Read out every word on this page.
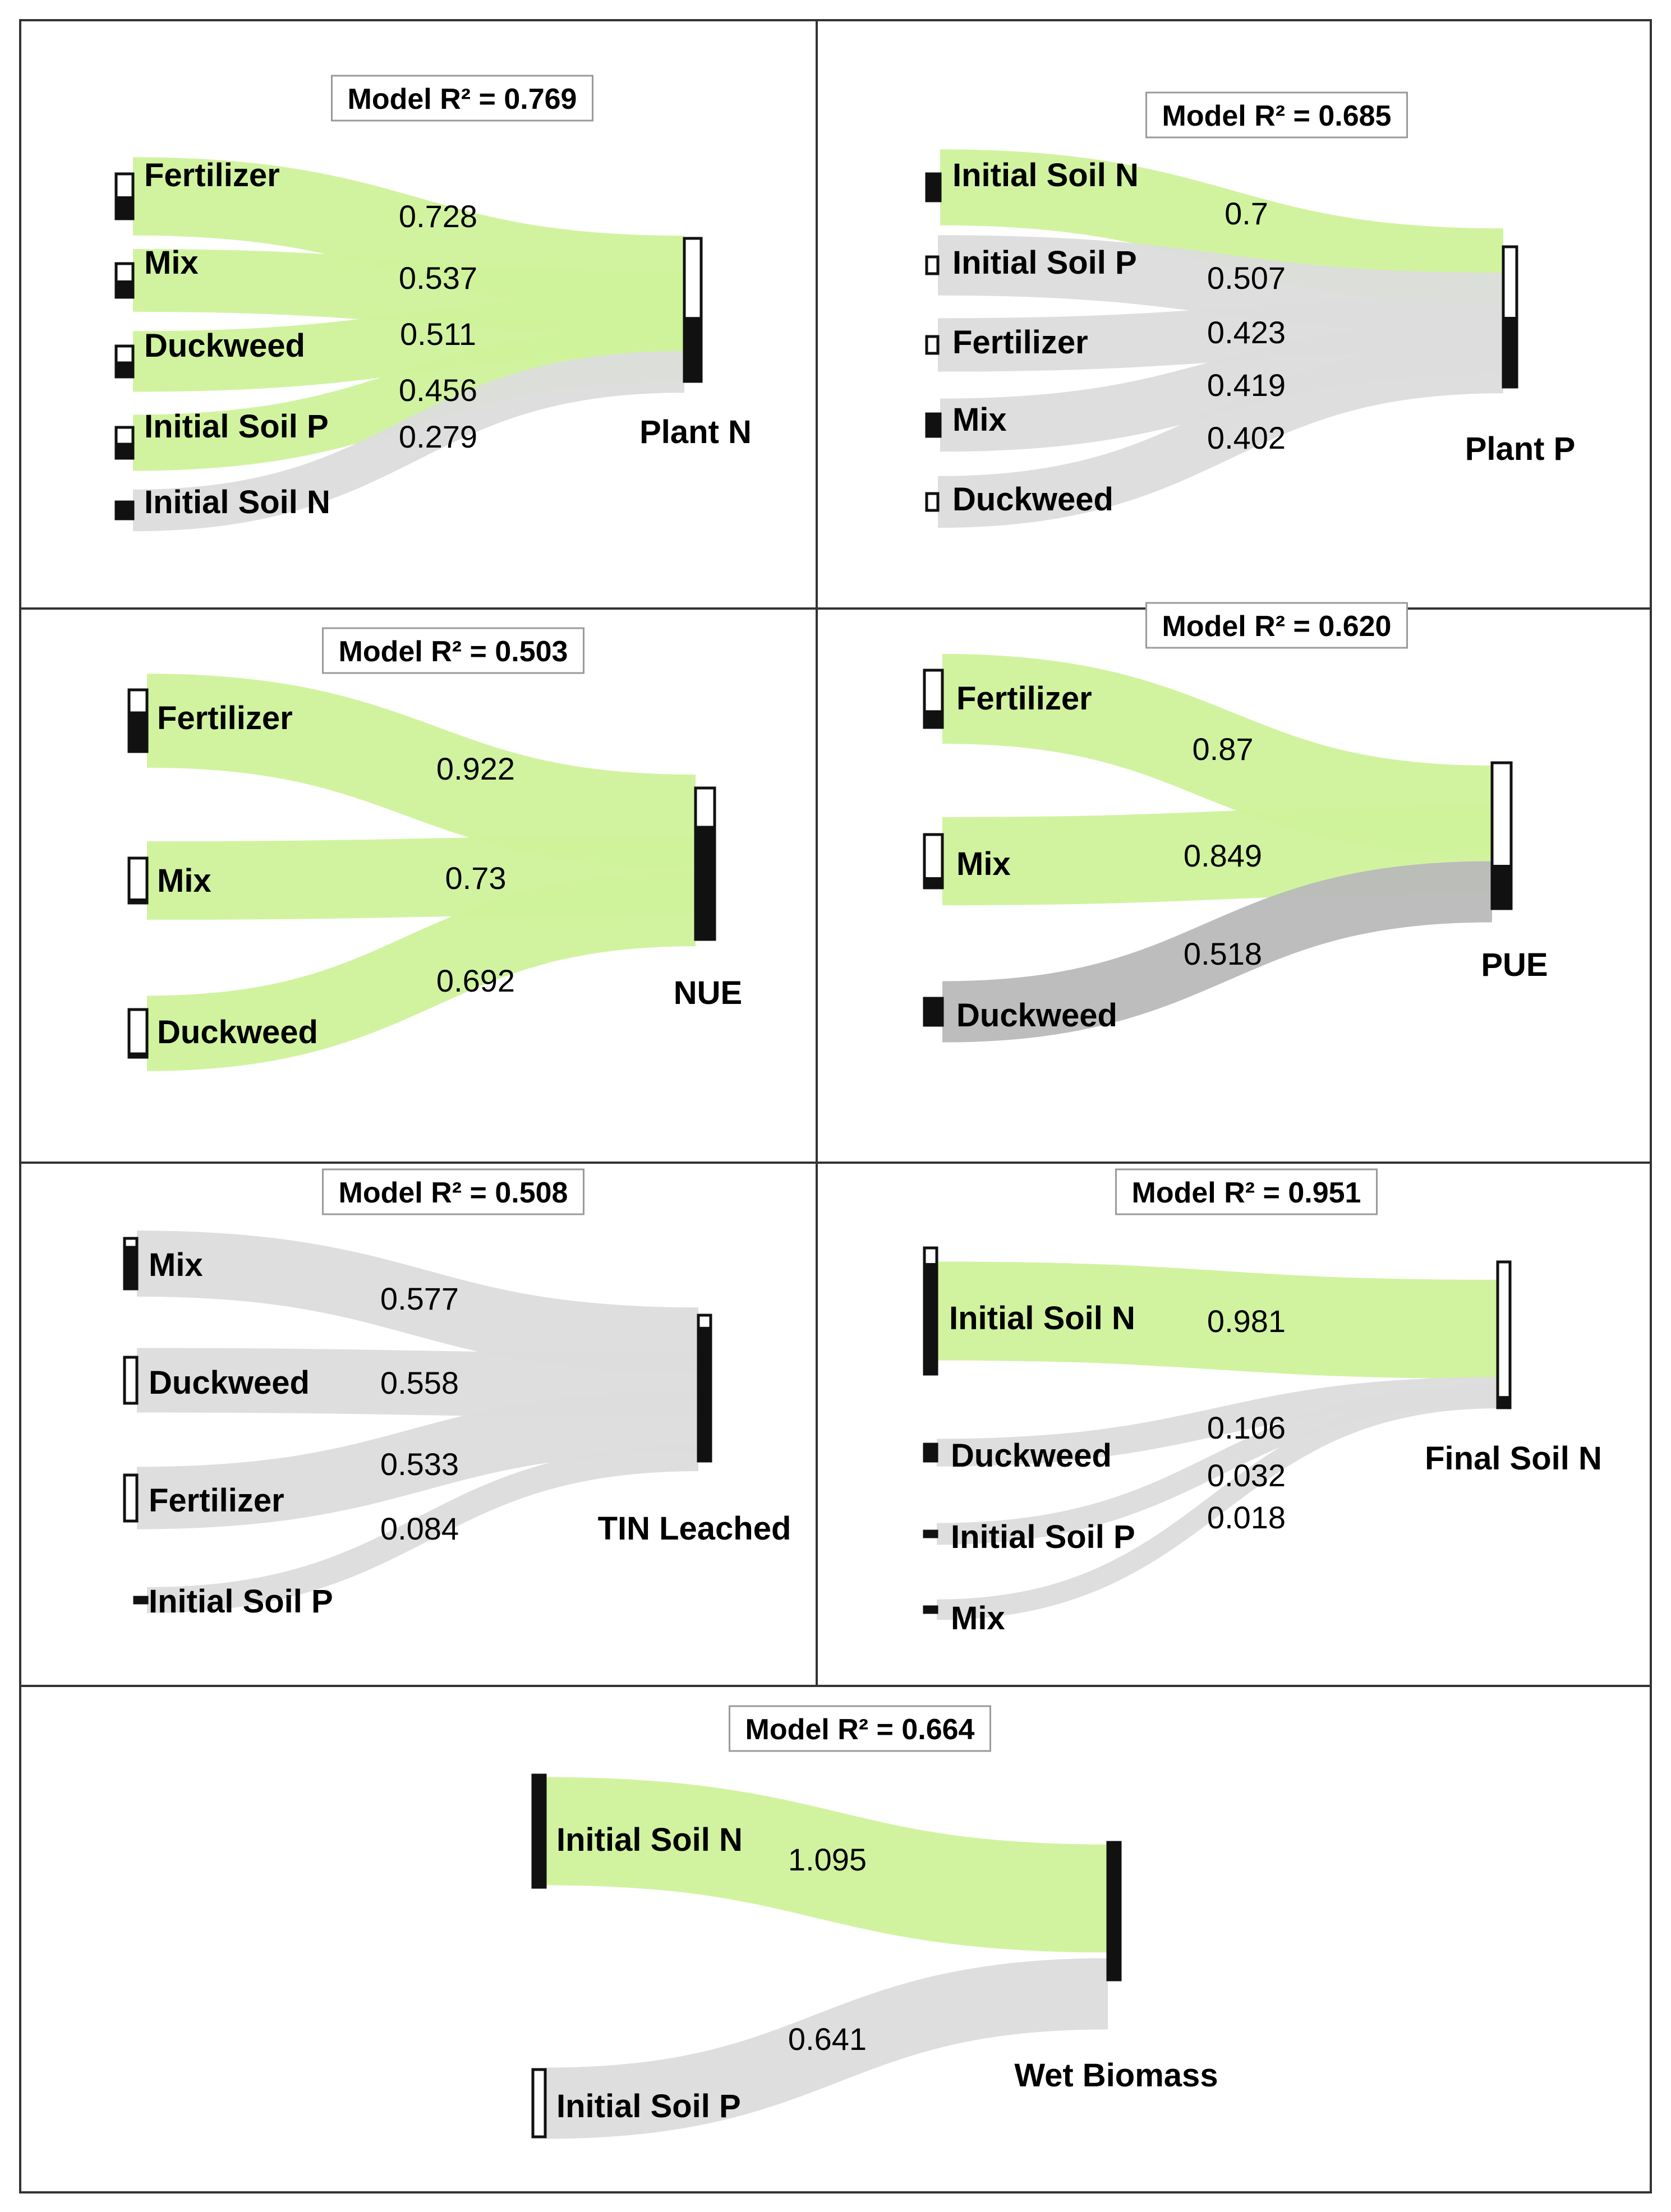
Plant N
Fertilizer
0.728
Mix	0.537
Duckweed	0.511
Initial Soil P
0.456
Initial Soil N
0.279
Model R² = 0.769
Plant P
Initial Soil N
0.7
Initial Soil P 0.507
Fertilizer	0.423
Mix
0.419
Duckweed
0.402
Model R² = 0.685
NUE
Fertilizer
0.922
Mix	0.73
Duckweed
0.692
Model R² = 0.503
PUE
Fertilizer
0.87
Mix	0.849
Duckweed
0.518
Model R² = 0.620
TIN Leached
Mix
0.577
Duckweed 0.558
Fertilizer
0.533
Initial Soil P
0.084
Model R² = 0.508
Final Soil N
Initial Soil N 0.981
Duckweed
0.106
Initial Soil P
0.032
Mix
0.018
Model R² = 0.951
Wet Biomass
Initial Soil N
1.095
Initial Soil P
0.641
Model R² = 0.664
